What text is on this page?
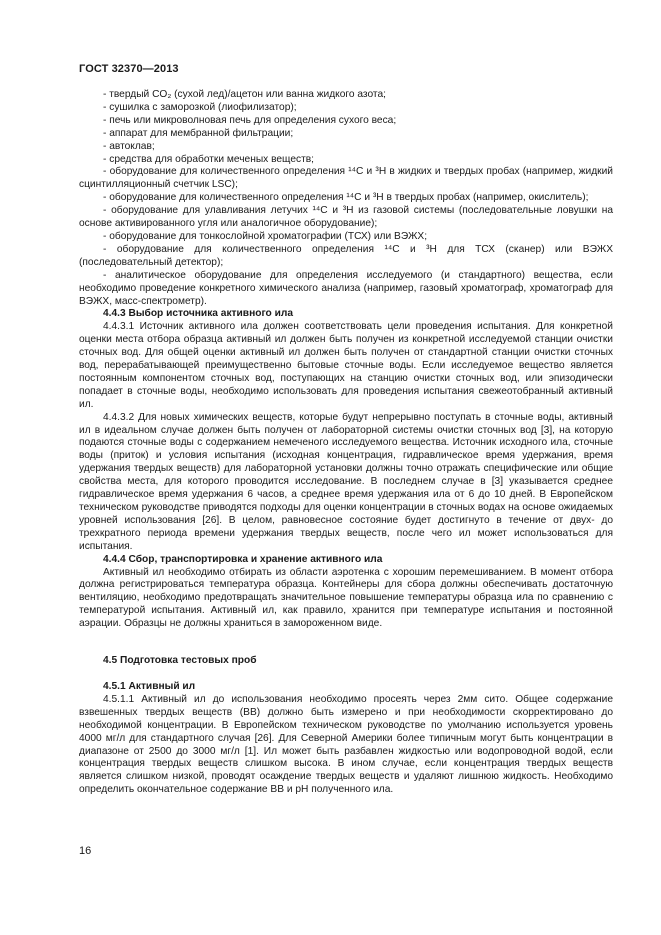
ГОСТ 32370—2013

- твердый CO₂ (сухой лед)/ацетон или ванна жидкого азота;

- сушилка с заморозкой (лиофилизатор);

- печь или микроволновая печь для определения сухого веса;

- аппарат для мембранной фильтрации;

- автоклав;

- средства для обработки меченых веществ;

- оборудование для количественного определения ¹⁴C и ³H в жидких и твердых пробах (например, жидкий сцинтилляционный счетчик LSC);

- оборудование для количественного определения ¹⁴C и ³H в твердых пробах (например, окислитель);

- оборудование для улавливания летучих ¹⁴C и ³H из газовой системы (последовательные ловушки на основе активированного угля или аналогичное оборудование);

- оборудование для тонкослойной хроматографии (ТСХ) или ВЭЖХ;

- оборудование для количественного определения ¹⁴C и ³H для ТСХ (сканер) или ВЭЖХ (последовательный детектор);

- аналитическое оборудование для определения исследуемого (и стандартного) вещества, если необходимо проведение конкретного химического анализа (например, газовый хроматограф, хроматограф для ВЭЖХ, масс-спектрометр).

4.4.3 Выбор источника активного ила

4.4.3.1 Источник активного ила должен соответствовать цели проведения испытания. Для конкретной оценки места отбора образца активный ил должен быть получен из конкретной исследуемой станции очистки сточных вод. Для общей оценки активный ил должен быть получен от стандартной станции очистки сточных вод, перерабатывающей преимущественно бытовые сточные воды. Если исследуемое вещество является постоянным компонентом сточных вод, поступающих на станцию очистки сточных вод, или эпизодически попадает в сточные воды, необходимо использовать для проведения испытания свежеотобранный активный ил.

4.4.3.2 Для новых химических веществ, которые будут непрерывно поступать в сточные воды, активный ил в идеальном случае должен быть получен от лабораторной системы очистки сточных вод [3], на которую подаются сточные воды с содержанием немеченого исследуемого вещества. Источник исходного ила, сточные воды (приток) и условия испытания (исходная концентрация, гидравлическое время удержания, время удержания твердых веществ) для лабораторной установки должны точно отражать специфические или общие свойства места, для которого проводится исследование. В последнем случае в [3] указывается среднее гидравлическое время удержания 6 часов, а среднее время удержания ила от 6 до 10 дней. В Европейском техническом руководстве приводятся подходы для оценки концентрации в сточных водах на основе ожидаемых уровней использования [26]. В целом, равновесное состояние будет достигнуто в течение от двух- до трехкратного периода времени удержания твердых веществ, после чего ил может использоваться для испытания.

4.4.4 Сбор, транспортировка и хранение активного ила

Активный ил необходимо отбирать из области аэротенка с хорошим перемешиванием. В момент отбора должна регистрироваться температура образца. Контейнеры для сбора должны обеспечивать достаточную вентиляцию, необходимо предотвращать значительное повышение температуры образца ила по сравнению с температурой испытания. Активный ил, как правило, хранится при температуре испытания и постоянной аэрации. Образцы не должны храниться в замороженном виде.

4.5 Подготовка тестовых проб

4.5.1 Активный ил

4.5.1.1 Активный ил до использования необходимо просеять через 2мм сито. Общее содержание взвешенных твердых веществ (ВВ) должно быть измерено и при необходимости скорректировано до необходимой концентрации. В Европейском техническом руководстве по умолчанию используется уровень 4000 мг/л для стандартного случая [26]. Для Северной Америки более типичным могут быть концентрации в диапазоне от 2500 до 3000 мг/л [1]. Ил может быть разбавлен жидкостью или водопроводной водой, если концентрация твердых веществ слишком высока. В ином случае, если концентрация твердых веществ является слишком низкой, проводят осаждение твердых веществ и удаляют лишнюю жидкость. Необходимо определить окончательное содержание ВВ и pH полученного ила.

16
